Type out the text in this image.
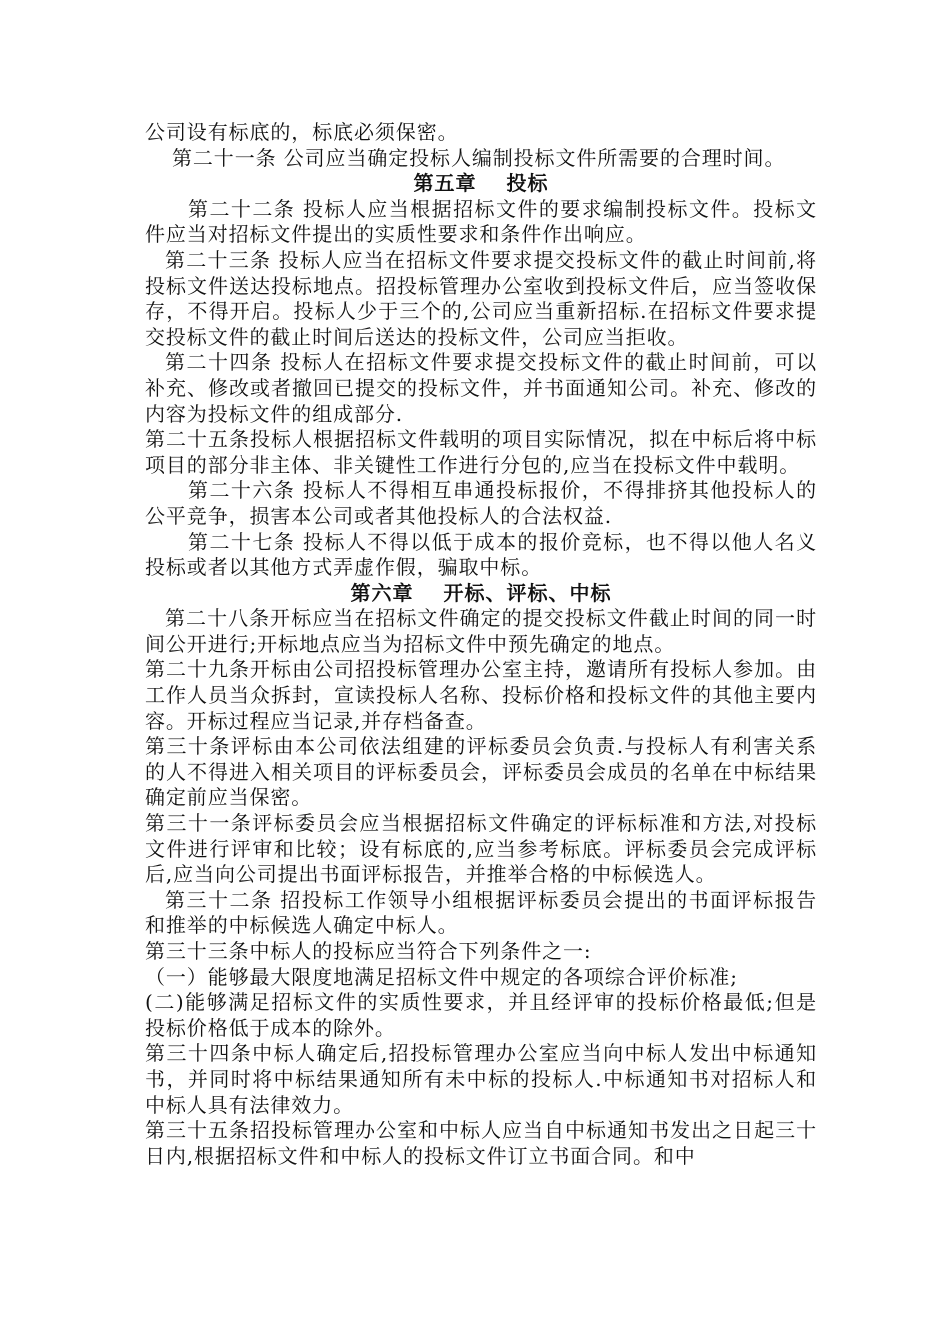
公司设有标底的，标底必须保密。

第二十一条 公司应当确定投标人编制投标文件所需要的合理时间。

第五章 投标

第二十二条 投标人应当根据招标文件的要求编制投标文件。投标文件应当对招标文件提出的实质性要求和条件作出响应。

第二十三条 投标人应当在招标文件要求提交投标文件的截止时间前,将投标文件送达投标地点。招投标管理办公室收到投标文件后，应当签收保存，不得开启。投标人少于三个的,公司应当重新招标.在招标文件要求提交投标文件的截止时间后送达的投标文件，公司应当拒收。

第二十四条 投标人在招标文件要求提交投标文件的截止时间前，可以补充、修改或者撤回已提交的投标文件，并书面通知公司。补充、修改的内容为投标文件的组成部分.

第二十五条投标人根据招标文件载明的项目实际情况，拟在中标后将中标项目的部分非主体、非关键性工作进行分包的,应当在投标文件中载明。

第二十六条 投标人不得相互串通投标报价，不得排挤其他投标人的公平竞争，损害本公司或者其他投标人的合法权益.

第二十七条 投标人不得以低于成本的报价竞标，也不得以他人名义投标或者以其他方式弄虚作假，骗取中标。

第六章 开标、评标、中标

第二十八条开标应当在招标文件确定的提交投标文件截止时间的同一时间公开进行;开标地点应当为招标文件中预先确定的地点。

第二十九条开标由公司招投标管理办公室主持，邀请所有投标人参加。由工作人员当众拆封，宣读投标人名称、投标价格和投标文件的其他主要内容。开标过程应当记录,并存档备查。

第三十条评标由本公司依法组建的评标委员会负责.与投标人有利害关系的人不得进入相关项目的评标委员会，评标委员会成员的名单在中标结果确定前应当保密。

第三十一条评标委员会应当根据招标文件确定的评标标准和方法,对投标文件进行评审和比较；设有标底的,应当参考标底。评标委员会完成评标后,应当向公司提出书面评标报告，并推举合格的中标候选人。

第三十二条 招投标工作领导小组根据评标委员会提出的书面评标报告和推举的中标候选人确定中标人。

第三十三条中标人的投标应当符合下列条件之一:

（一）能够最大限度地满足招标文件中规定的各项综合评价标准;

(二)能够满足招标文件的实质性要求，并且经评审的投标价格最低;但是投标价格低于成本的除外。

第三十四条中标人确定后,招投标管理办公室应当向中标人发出中标通知书，并同时将中标结果通知所有未中标的投标人.中标通知书对招标人和中标人具有法律效力。

第三十五条招投标管理办公室和中标人应当自中标通知书发出之日起三十日内,根据招标文件和中标人的投标文件订立书面合同。和中
